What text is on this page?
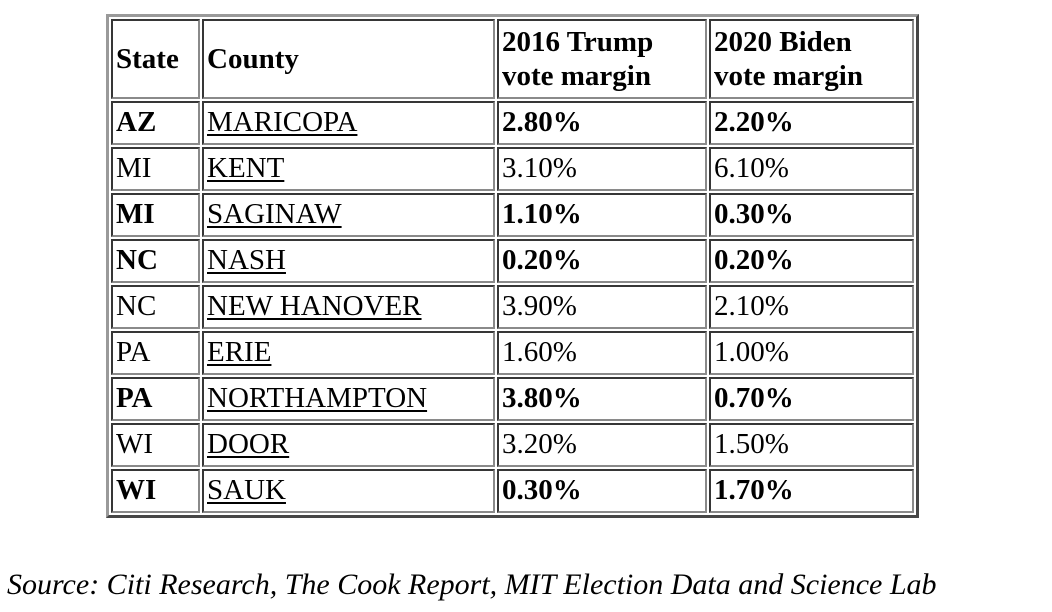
State	County	2016 Trump vote margin	2020 Biden vote margin
AZ	MARICOPA	2.80%	2.20%
MI	KENT	3.10%	6.10%
MI	SAGINAW	1.10%	0.30%
NC	NASH	0.20%	0.20%
NC	NEW HANOVER	3.90%	2.10%
PA	ERIE	1.60%	1.00%
PA	NORTHAMPTON	3.80%	0.70%
WI	DOOR	3.20%	1.50%
WI	SAUK	0.30%	1.70%
Source: Citi Research, The Cook Report, MIT Election Data and Science Lab
